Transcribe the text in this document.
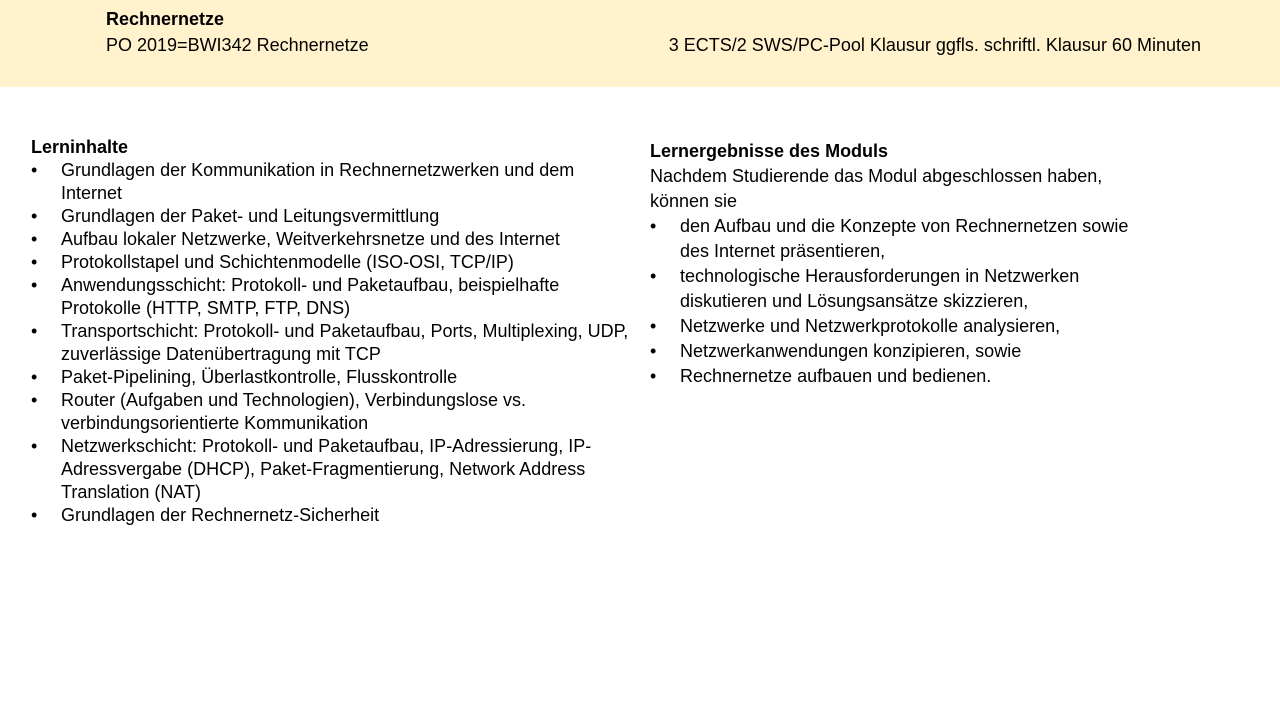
Rechnernetze
PO 2019=BWI342 Rechnernetze	3 ECTS/2 SWS/PC-Pool Klausur ggfls. schriftl. Klausur 60 Minuten

Lerninhalte

• Grundlagen der Kommunikation in Rechnernetzwerken und dem Internet
• Grundlagen der Paket- und Leitungsvermittlung
• Aufbau lokaler Netzwerke, Weitverkehrsnetze und des Internet
• Protokollstapel und Schichtenmodelle (ISO-OSI, TCP/IP)
• Anwendungsschicht: Protokoll- und Paketaufbau, beispielhafte Protokolle (HTTP, SMTP, FTP, DNS)
• Transportschicht: Protokoll- und Paketaufbau, Ports, Multiplexing, UDP, zuverlässige Datenübertragung mit TCP
• Paket-Pipelining, Überlastkontrolle, Flusskontrolle
• Router (Aufgaben und Technologien), Verbindungslose vs. verbindungsorientierte Kommunikation
• Netzwerkschicht: Protokoll- und Paketaufbau, IP-Adressierung, IP-Adressvergabe (DHCP), Paket-Fragmentierung, Network Address Translation (NAT)
• Grundlagen der Rechnernetz-Sicherheit

Lernergebnisse des Moduls

Nachdem Studierende das Modul abgeschlossen haben, können sie

• den Aufbau und die Konzepte von Rechnernetzen sowie des Internet präsentieren,
• technologische Herausforderungen in Netzwerken diskutieren und Lösungsansätze skizzieren,
• Netzwerke und Netzwerkprotokolle analysieren,
• Netzwerkanwendungen konzipieren, sowie
• Rechnernetze aufbauen und bedienen.
